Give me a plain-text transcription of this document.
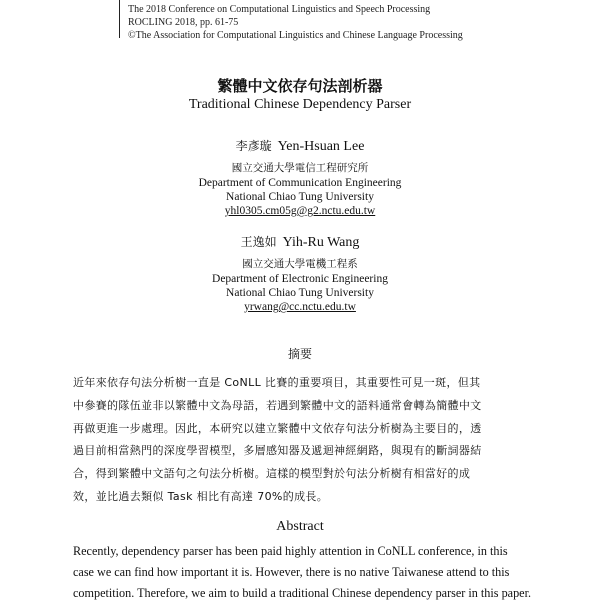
The 2018 Conference on Computational Linguistics and Speech Processing
ROCLING 2018, pp. 61-75
©The Association for Computational Linguistics and Chinese Language Processing
繁體中文依存句法剖析器
Traditional Chinese Dependency Parser
李彥璇 Yen-Hsuan Lee
國立交通大學電信工程研究所
Department of Communication Engineering
National Chiao Tung University
yhl0305.cm05g@g2.nctu.edu.tw
王逸如 Yih-Ru Wang
國立交通大學電機工程系
Department of Electronic Engineering
National Chiao Tung University
yrwang@cc.nctu.edu.tw
摘要
近年來依存句法分析樹一直是 CoNLL 比賽的重要項目，其重要性可見一斑，但其
中參賽的隊伍並非以繁體中文為母語，若遇到繁體中文的語料通常會轉為簡體中文
再做更進一步處理。因此，本研究以建立繁體中文依存句法分析樹為主要目的，透
過目前相當熱門的深度學習模型，多層感知器及遞迴神經網路，與現有的斷詞器結
合，得到繁體中文語句之句法分析樹。這樣的模型對於句法分析樹有相當好的成
效，並比過去類似 Task 相比有高達 70%的成長。
Abstract
Recently, dependency parser has been paid highly attention in CoNLL conference, in this
case we can find how important it is. However, there is no native Taiwanese attend to this
competition. Therefore, we aim to build a traditional Chinese dependency parser in this paper.
